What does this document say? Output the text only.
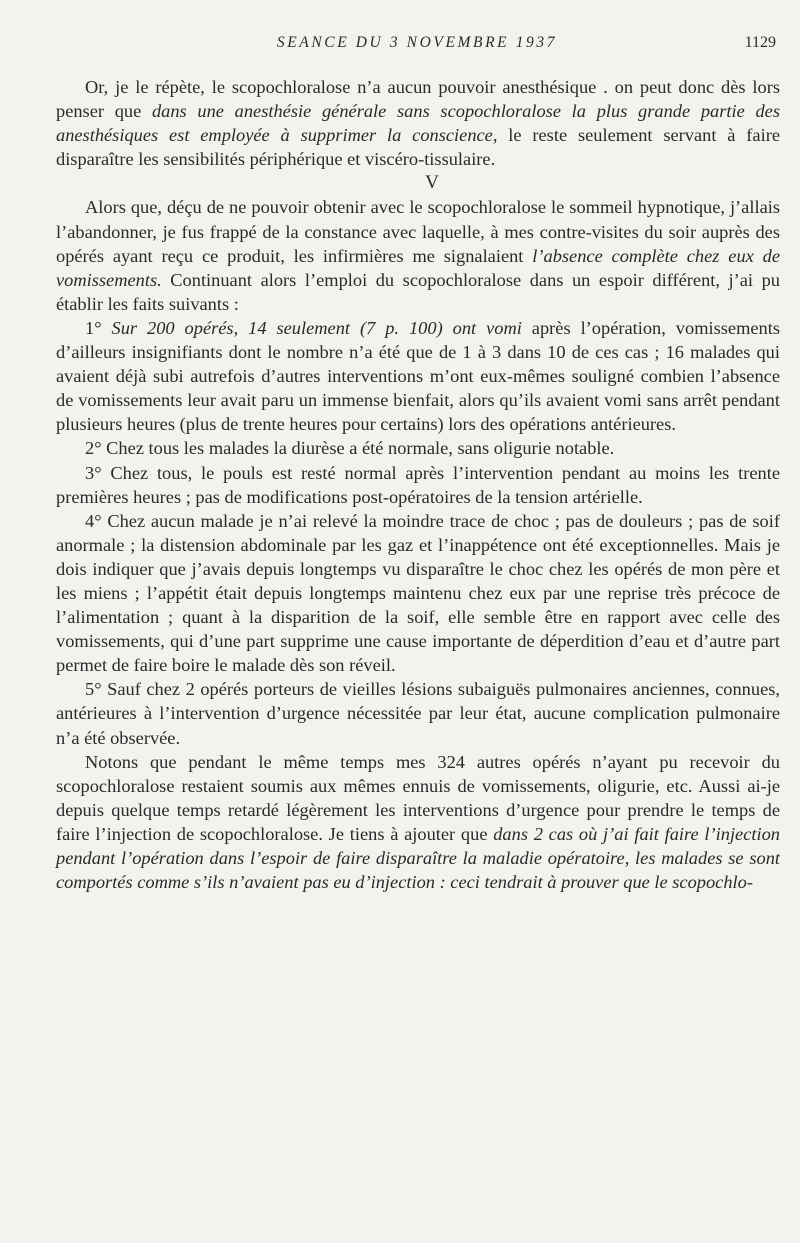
SEANCE DU 3 NOVEMBRE 1937	1129

Or, je le répète, le scopochloralose n’a aucun pouvoir anesthésique . on peut donc dès lors penser que dans une anesthésie générale sans scopochloralose la plus grande partie des anesthésiques est employée à supprimer la conscience, le reste seulement servant à faire disparaître les sensibilités périphérique et viscéro-tissulaire.

V

Alors que, déçu de ne pouvoir obtenir avec le scopochloralose le sommeil hypnotique, j’allais l’abandonner, je fus frappé de la constance avec laquelle, à mes contre-visites du soir auprès des opérés ayant reçu ce produit, les infirmières me signalaient l’absence complète chez eux de vomissements. Continuant alors l’emploi du scopochloralose dans un espoir différent, j’ai pu établir les faits suivants :

1° Sur 200 opérés, 14 seulement (7 p. 100) ont vomi après l’opération, vomissements d’ailleurs insignifiants dont le nombre n’a été que de 1 à 3 dans 10 de ces cas ; 16 malades qui avaient déjà subi autrefois d’autres interventions m’ont eux-mêmes souligné combien l’absence de vomissements leur avait paru un immense bienfait, alors qu’ils avaient vomi sans arrêt pendant plusieurs heures (plus de trente heures pour certains) lors des opérations antérieures.

2° Chez tous les malades la diurèse a été normale, sans oligurie notable.

3° Chez tous, le pouls est resté normal après l’intervention pendant au moins les trente premières heures ; pas de modifications post-opératoires de la tension artérielle.

4° Chez aucun malade je n’ai relevé la moindre trace de choc ; pas de douleurs ; pas de soif anormale ; la distension abdominale par les gaz et l’inappétence ont été exceptionnelles. Mais je dois indiquer que j’avais depuis longtemps vu disparaître le choc chez les opérés de mon père et les miens ; l’appétit était depuis longtemps maintenu chez eux par une reprise très précoce de l’alimentation ; quant à la disparition de la soif, elle semble être en rapport avec celle des vomissements, qui d’une part supprime une cause importante de déperdition d’eau et d’autre part permet de faire boire le malade dès son réveil.

5° Sauf chez 2 opérés porteurs de vieilles lésions subaiguës pulmonaires anciennes, connues, antérieures à l’intervention d’urgence nécessitée par leur état, aucune complication pulmonaire n’a été observée.

Notons que pendant le même temps mes 324 autres opérés n’ayant pu recevoir du scopochloralose restaient soumis aux mêmes ennuis de vomissements, oligurie, etc. Aussi ai-je depuis quelque temps retardé légèrement les interventions d’urgence pour prendre le temps de faire l’injection de scopochloralose. Je tiens à ajouter que dans 2 cas où j’ai fait faire l’injection pendant l’opération dans l’espoir de faire disparaître la maladie opératoire, les malades se sont comportés comme s’ils n’avaient pas eu d’injection : ceci tendrait à prouver que le scopochlo-
